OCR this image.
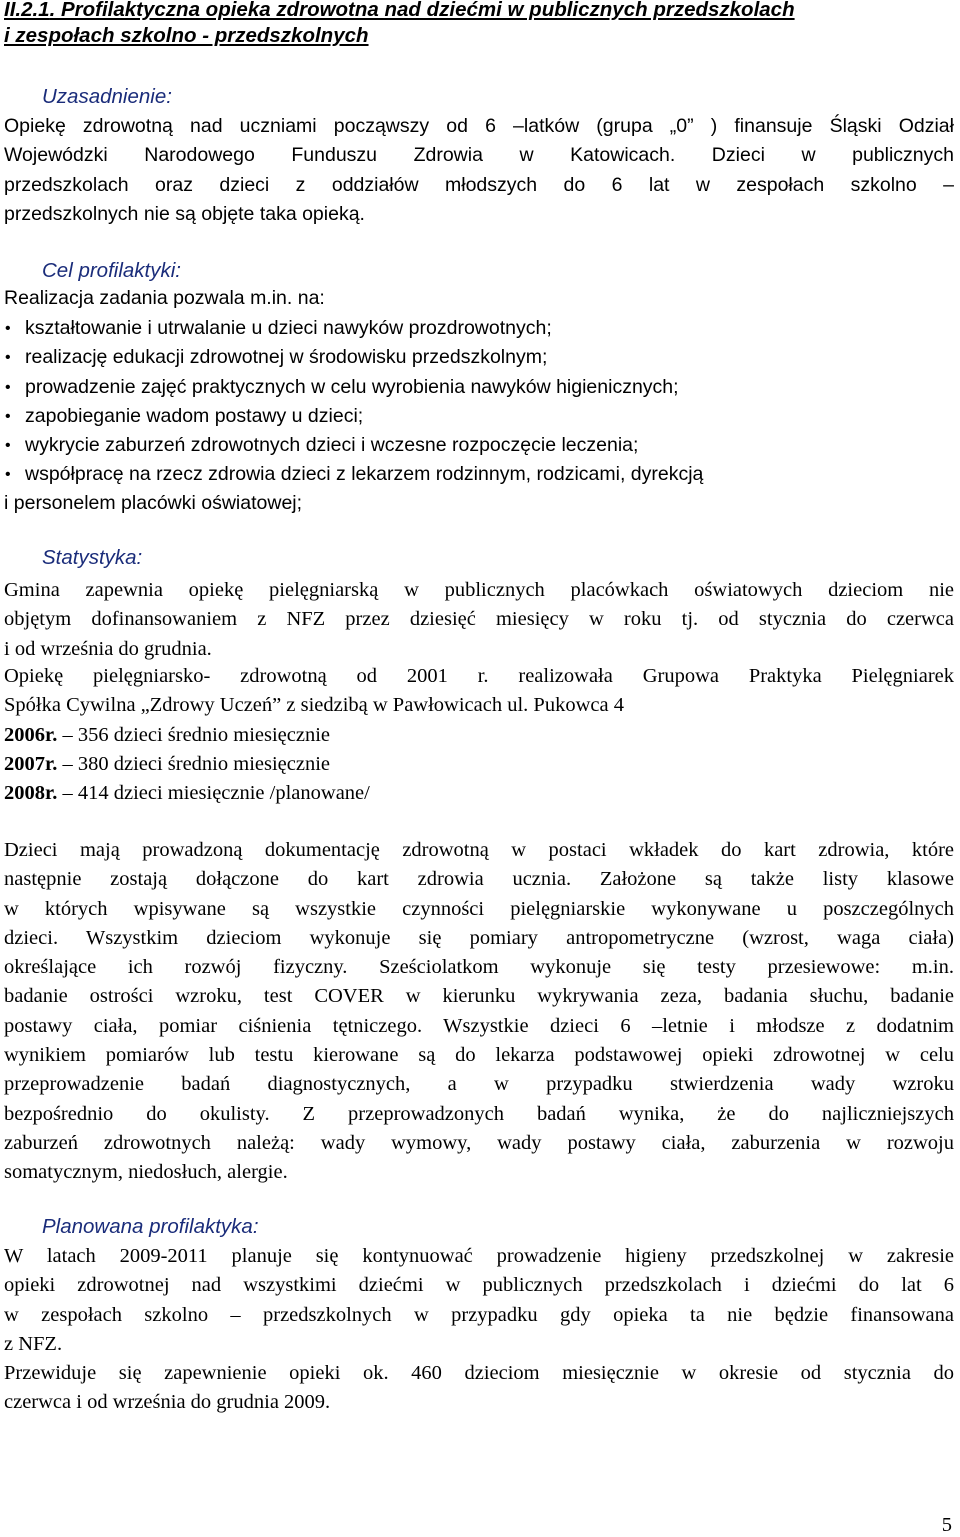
II.2.1. Profilaktyczna opieka zdrowotna nad dziećmi w publicznych przedszkolach
i zespołach szkolno - przedszkolnych
Uzasadnienie:
Opiekę zdrowotną nad uczniami począwszy od 6 –latków (grupa „0” ) finansuje Śląski Odział
Wojewódzki Narodowego Funduszu Zdrowia w Katowicach. Dzieci w publicznych
przedszkolach oraz dzieci z oddziałów młodszych do 6 lat w zespołach szkolno –
przedszkolnych nie są objęte taka opieką.
Cel profilaktyki:
Realizacja zadania pozwala m.in. na:
• kształtowanie i utrwalanie u dzieci nawyków prozdrowotnych;
• realizację edukacji zdrowotnej w środowisku przedszkolnym;
• prowadzenie zajęć praktycznych w celu wyrobienia nawyków higienicznych;
• zapobieganie wadom postawy u dzieci;
• wykrycie zaburzeń zdrowotnych dzieci i wczesne rozpoczęcie leczenia;
• współpracę na rzecz zdrowia dzieci z lekarzem rodzinnym, rodzicami, dyrekcją
i personelem placówki oświatowej;
Statystyka:
Gmina zapewnia opiekę pielęgniarską w publicznych placówkach oświatowych dzieciom nie
objętym dofinansowaniem z NFZ przez dziesięć miesięcy w roku tj. od stycznia do czerwca
i od września do grudnia.
Opiekę pielęgniarsko- zdrowotną od 2001 r. realizowała Grupowa Praktyka Pielęgniarek
Spółka Cywilna „Zdrowy Uczeń” z siedzibą w Pawłowicach ul. Pukowca 4
2006r. – 356 dzieci średnio miesięcznie
2007r. – 380 dzieci średnio miesięcznie
2008r. – 414 dzieci miesięcznie /planowane/
Dzieci mają prowadzoną dokumentację zdrowotną w postaci wkładek do kart zdrowia, które
następnie zostają dołączone do kart zdrowia ucznia. Założone są także listy klasowe
w których wpisywane są wszystkie czynności pielęgniarskie wykonywane u poszczególnych
dzieci. Wszystkim dzieciom wykonuje się pomiary antropometryczne (wzrost, waga ciała)
określające ich rozwój fizyczny. Sześciolatkom wykonuje się testy przesiewowe: m.in.
badanie ostrości wzroku, test COVER w kierunku wykrywania zeza, badania słuchu, badanie
postawy ciała, pomiar ciśnienia tętniczego. Wszystkie dzieci 6 –letnie i młodsze z dodatnim
wynikiem pomiarów lub testu kierowane są do lekarza podstawowej opieki zdrowotnej w celu
przeprowadzenie badań diagnostycznych, a w przypadku stwierdzenia wady wzroku
bezpośrednio do okulisty. Z przeprowadzonych badań wynika, że do najliczniejszych
zaburzeń zdrowotnych należą: wady wymowy, wady postawy ciała, zaburzenia w rozwoju
somatycznym, niedosłuch, alergie.
Planowana profilaktyka:
W latach 2009-2011 planuje się kontynuować prowadzenie higieny przedszkolnej w zakresie
opieki zdrowotnej nad wszystkimi dziećmi w publicznych przedszkolach i dziećmi do lat 6
w zespołach szkolno – przedszkolnych w przypadku gdy opieka ta nie będzie finansowana
z NFZ.
Przewiduje się zapewnienie opieki ok. 460 dzieciom miesięcznie w okresie od stycznia do
czerwca i od września do grudnia 2009.
5
